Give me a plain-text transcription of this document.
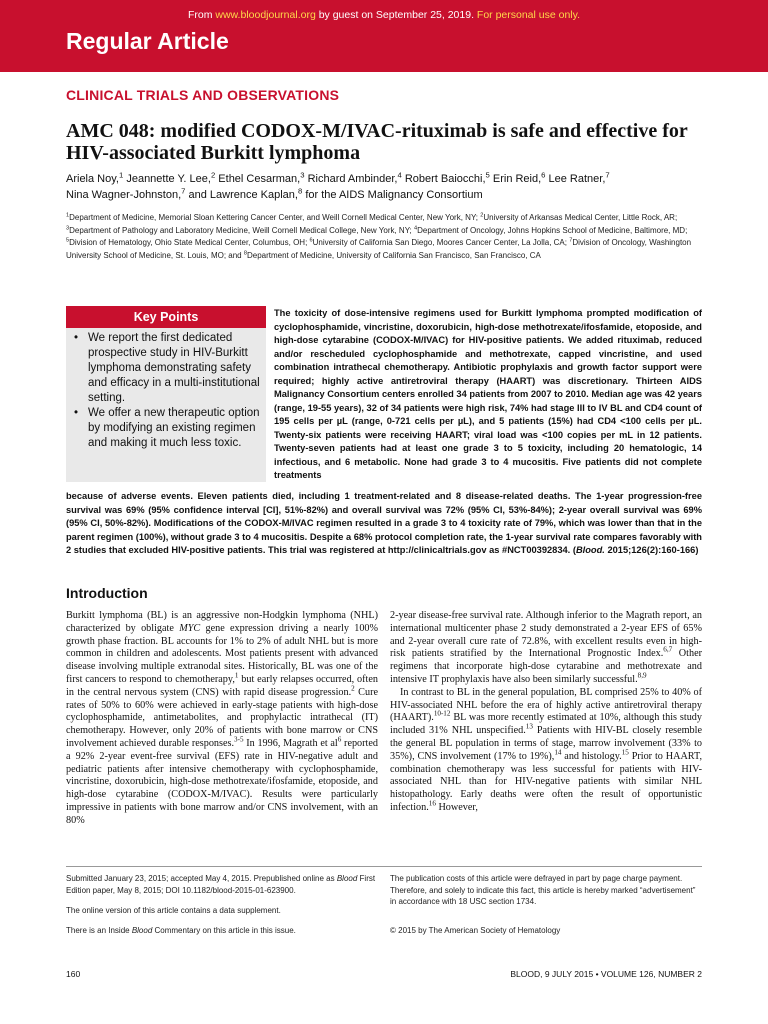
From www.bloodjournal.org by guest on September 25, 2019. For personal use only.
Regular Article
CLINICAL TRIALS AND OBSERVATIONS
AMC 048: modified CODOX-M/IVAC-rituximab is safe and effective for HIV-associated Burkitt lymphoma
Ariela Noy,$^1$ Jeannette Y. Lee,$^2$ Ethel Cesarman,$^3$ Richard Ambinder,$^4$ Robert Baiocchi,$^5$ Erin Reid,$^6$ Lee Ratner,$^7$
Nina Wagner-Johnston,$^7$ and Lawrence Kaplan,$^8$ for the AIDS Malignancy Consortium
$^1$Department of Medicine, Memorial Sloan Kettering Cancer Center, and Weill Cornell Medical Center, New York, NY; $^2$University of Arkansas Medical Center, Little Rock, AR; $^3$Department of Pathology and Laboratory Medicine, Weill Cornell Medical College, New York, NY; $^4$Department of Oncology, Johns Hopkins School of Medicine, Baltimore, MD; $^5$Division of Hematology, Ohio State Medical Center, Columbus, OH; $^6$University of California San Diego, Moores Cancer Center, La Jolla, CA; $^7$Division of Oncology, Washington University School of Medicine, St. Louis, MO; and $^8$Department of Medicine, University of California San Francisco, San Francisco, CA
Key Points
• We report the first dedicated prospective study in HIV-Burkitt lymphoma demonstrating safety and efficacy in a multi-institutional setting.
• We offer a new therapeutic option by modifying an existing regimen and making it much less toxic.

The toxicity of dose-intensive regimens used for Burkitt lymphoma prompted modification of cyclophosphamide, vincristine, doxorubicin, high-dose methotrexate/ifosfamide, etoposide, and high-dose cytarabine (CODOX-M/IVAC) for HIV-positive patients. We added rituximab, reduced and/or rescheduled cyclophosphamide and methotrexate, capped vincristine, and used combination intrathecal chemotherapy. Antibiotic prophylaxis and growth factor support were required; highly active antiretroviral therapy (HAART) was discretionary. Thirteen AIDS Malignancy Consortium centers enrolled 34 patients from 2007 to 2010. Median age was 42 years (range, 19-55 years), 32 of 34 patients were high risk, 74% had stage III to IV BL and CD4 count of 195 cells per µL (range, 0-721 cells per µL), and 5 patients (15%) had CD4 <100 cells per µL. Twenty-six patients were receiving HAART; viral load was <100 copies per mL in 12 patients. Twenty-seven patients had at least one grade 3 to 5 toxicity, including 20 hematologic, 14 infectious, and 6 metabolic. None had grade 3 to 4 mucositis. Five patients did not complete treatments

because of adverse events. Eleven patients died, including 1 treatment-related and 8 disease-related deaths. The 1-year progression-free survival was 69% (95% confidence interval [CI], 51%-82%) and overall survival was 72% (95% CI, 53%-84%); 2-year overall survival was 69% (95% CI, 50%-82%). Modifications of the CODOX-M/IVAC regimen resulted in a grade 3 to 4 toxicity rate of 79%, which was lower than that in the parent regimen (100%), without grade 3 to 4 mucositis. Despite a 68% protocol completion rate, the 1-year survival rate compares favorably with 2 studies that excluded HIV-positive patients. This trial was registered at http://clinicaltrials.gov as #NCT00392834. (Blood. 2015;126(2):160-166)

Introduction

Burkitt lymphoma (BL) is an aggressive non-Hodgkin lymphoma (NHL) characterized by obligate MYC gene expression driving a nearly 100% growth phase fraction. BL accounts for 1% to 2% of adult NHL but is more common in children and adolescents. Most patients present with advanced disease involving multiple extranodal sites. Historically, BL was one of the first cancers to respond to chemotherapy,$^1$ but early relapses occurred, often in the central nervous system (CNS) with rapid disease progression.$^2$ Cure rates of 50% to 60% were achieved in early-stage patients with high-dose cyclophosphamide, antimetabolites, and prophylactic intrathecal (IT) chemotherapy. However, only 20% of patients with bone marrow or CNS involvement achieved durable responses.$^{3-5}$ In 1996, Magrath et $al^6$ reported a 92% 2-year event-free survival (EFS) rate in HIV-negative adult and pediatric patients after intensive chemotherapy with cyclophosphamide, vincristine, doxorubicin, high-dose methotrexate/ifosfamide, etoposide, and high-dose cytarabine (CODOX-M/IVAC). Results were particularly impressive in patients with bone marrow and/or CNS involvement, with an 80%

2-year disease-free survival rate. Although inferior to the Magrath report, an international multicenter phase 2 study demonstrated a 2-year EFS of 65% and 2-year overall cure rate of 72.8%, with excellent results even in high-risk patients stratified by the International Prognostic Index.$^{6,7}$ Other regimens that incorporate high-dose cytarabine and methotrexate and intensive IT prophylaxis have also been similarly successful.$^{8,9}$

In contrast to BL in the general population, BL comprised 25% to 40% of HIV-associated NHL before the era of highly active antiretroviral therapy (HAART).$^{10-12}$ BL was more recently estimated at 10%, although this study included 31% NHL unspecified.$^{13}$ Patients with HIV-BL closely resemble the general BL population in terms of stage, marrow involvement (33% to 35%), CNS involvement (17% to 19%),$^{14}$ and histology.$^{15}$ Prior to HAART, combination chemotherapy was less successful for patients with HIV-associated NHL than for HIV-negative patients with similar NHL histopathology. Early deaths were often the result of opportunistic infection.$^{16}$ However,

Submitted January 23, 2015; accepted May 4, 2015. Prepublished online as Blood First Edition paper, May 8, 2015; DOI 10.1182/blood-2015-01-623900.
The publication costs of this article were defrayed in part by page charge payment. Therefore, and solely to indicate this fact, this article is hereby marked “advertisement” in accordance with 18 USC section 1734.
The online version of this article contains a data supplement.
There is an Inside Blood Commentary on this article in this issue.	© 2015 by The American Society of Hematology
160	BLOOD, 9 JULY 2015 • VOLUME 126, NUMBER 2
